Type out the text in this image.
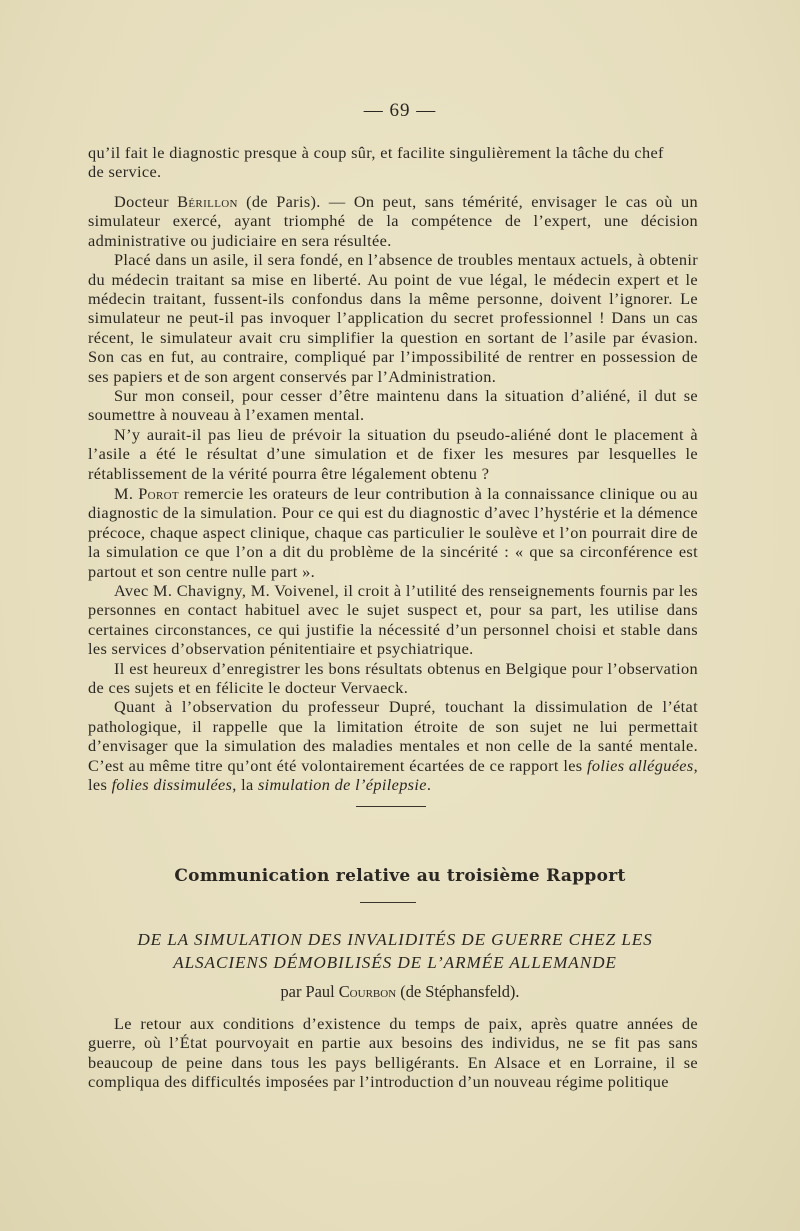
— 69 —

qu’il fait le diagnostic presque à coup sûr, et facilite singulièrement la tâche du chef

de service.

Docteur Bérillon (de Paris). — On peut, sans témérité, envisager le cas où un simulateur exercé, ayant triomphé de la compétence de l’expert, une décision administrative ou judiciaire en sera résultée.

Placé dans un asile, il sera fondé, en l’absence de troubles mentaux actuels, à obtenir du médecin traitant sa mise en liberté. Au point de vue légal, le médecin expert et le médecin traitant, fussent-ils confondus dans la même personne, doivent l’ignorer. Le simulateur ne peut-il pas invoquer l’application du secret professionnel ! Dans un cas récent, le simulateur avait cru simplifier la question en sortant de l’asile par évasion. Son cas en fut, au contraire, compliqué par l’impossibilité de rentrer en possession de ses papiers et de son argent conservés par l’Administration.

Sur mon conseil, pour cesser d’être maintenu dans la situation d’aliéné, il dut se soumettre à nouveau à l’examen mental.

N’y aurait-il pas lieu de prévoir la situation du pseudo-aliéné dont le placement à l’asile a été le résultat d’une simulation et de fixer les mesures par lesquelles le rétablissement de la vérité pourra être légalement obtenu ?

M. Porot remercie les orateurs de leur contribution à la connaissance clinique ou au diagnostic de la simulation. Pour ce qui est du diagnostic d’avec l’hystérie et la démence précoce, chaque aspect clinique, chaque cas particulier le soulève et l’on pourrait dire de la simulation ce que l’on a dit du problème de la sincérité : « que sa circonférence est partout et son centre nulle part ».

Avec M. Chavigny, M. Voivenel, il croit à l’utilité des renseignements fournis par les personnes en contact habituel avec le sujet suspect et, pour sa part, les utilise dans certaines circonstances, ce qui justifie la nécessité d’un personnel choisi et stable dans les services d’observation pénitentiaire et psychiatrique.

Il est heureux d’enregistrer les bons résultats obtenus en Belgique pour l’observation de ces sujets et en félicite le docteur Vervaeck.

Quant à l’observation du professeur Dupré, touchant la dissimulation de l’état pathologique, il rappelle que la limitation étroite de son sujet ne lui permettait d’envisager que la simulation des maladies mentales et non celle de la santé mentale. C’est au même titre qu’ont été volontairement écartées de ce rapport les folies alléguées, les folies dissimulées, la simulation de l’épilepsie.

Communication relative au troisième Rapport
DE LA SIMULATION DES INVALIDITÉS DE GUERRE CHEZ LES
ALSACIENS DÉMOBILISÉS DE L’ARMÉE ALLEMANDE
par Paul Courbon (de Stéphansfeld).

Le retour aux conditions d’existence du temps de paix, après quatre années de guerre, où l’État pourvoyait en partie aux besoins des individus, ne se fit pas sans beaucoup de peine dans tous les pays belligérants. En Alsace et en Lorraine, il se compliqua des difficultés imposées par l’introduction d’un nouveau régime politique
